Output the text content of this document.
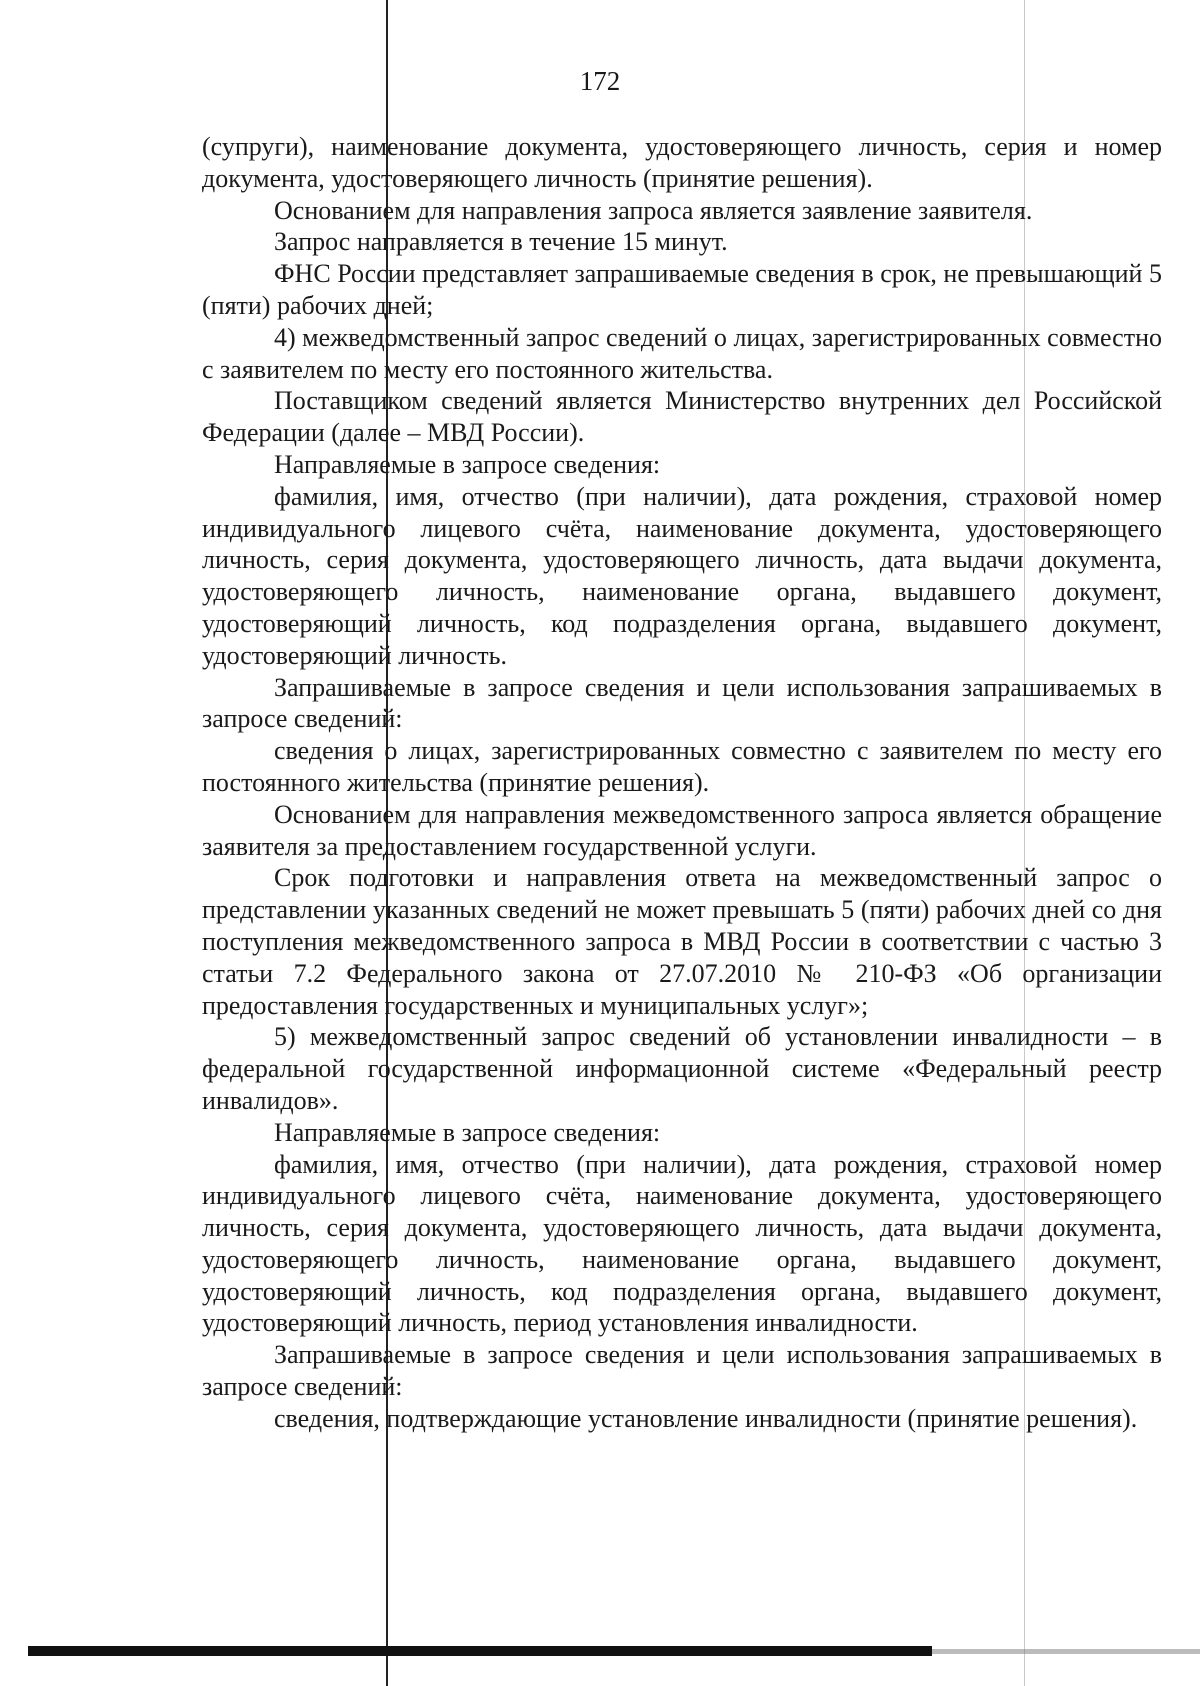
172

(супруги), наименование документа, удостоверяющего личность, серия и номер документа, удостоверяющего личность (принятие решения).

Основанием для направления запроса является заявление заявителя.

Запрос направляется в течение 15 минут.

ФНС России представляет запрашиваемые сведения в срок, не превышающий 5 (пяти) рабочих дней;

4) межведомственный запрос сведений о лицах, зарегистрированных совместно с заявителем по месту его постоянного жительства.

Поставщиком сведений является Министерство внутренних дел Российской Федерации (далее – МВД России).

Направляемые в запросе сведения:

фамилия, имя, отчество (при наличии), дата рождения, страховой номер индивидуального лицевого счёта, наименование документа, удостоверяющего личность, серия документа, удостоверяющего личность, дата выдачи документа, удостоверяющего личность, наименование органа, выдавшего документ, удостоверяющий личность, код подразделения органа, выдавшего документ, удостоверяющий личность.

Запрашиваемые в запросе сведения и цели использования запрашиваемых в запросе сведений:

сведения о лицах, зарегистрированных совместно с заявителем по месту его постоянного жительства (принятие решения).

Основанием для направления межведомственного запроса является обращение заявителя за предоставлением государственной услуги.

Срок подготовки и направления ответа на межведомственный запрос о представлении указанных сведений не может превышать 5 (пяти) рабочих дней со дня поступления межведомственного запроса в МВД России в соответствии с частью 3 статьи 7.2 Федерального закона от 27.07.2010 № 210-ФЗ «Об организации предоставления государственных и муниципальных услуг»;

5) межведомственный запрос сведений об установлении инвалидности – в федеральной государственной информационной системе «Федеральный реестр инвалидов».

Направляемые в запросе сведения:

фамилия, имя, отчество (при наличии), дата рождения, страховой номер индивидуального лицевого счёта, наименование документа, удостоверяющего личность, серия документа, удостоверяющего личность, дата выдачи документа, удостоверяющего личность, наименование органа, выдавшего документ, удостоверяющий личность, код подразделения органа, выдавшего документ, удостоверяющий личность, период установления инвалидности.

Запрашиваемые в запросе сведения и цели использования запрашиваемых в запросе сведений:

сведения, подтверждающие установление инвалидности (принятие решения).
